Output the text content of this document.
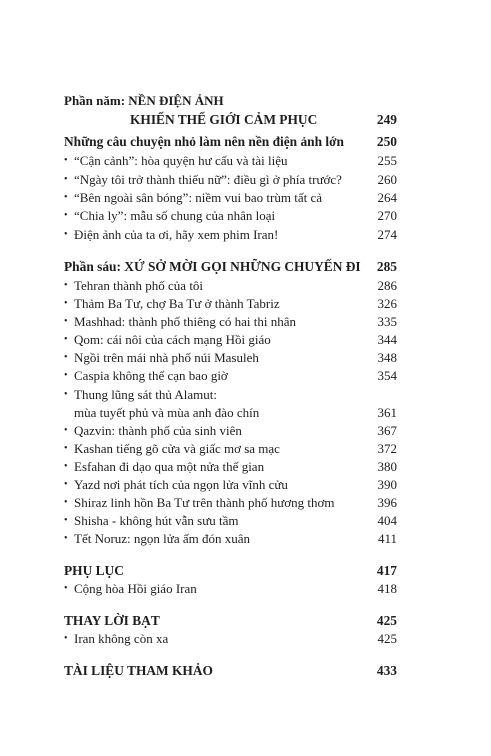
Phần năm: NỀN ĐIỆN ẢNH
KHIẾN THẾ GIỚI CẢM PHỤC	249
Những câu chuyện nhỏ làm nên nền điện ảnh lớn 250
• “Cận cảnh”: hòa quyện hư cấu và tài liệu	255
• “Ngày tôi trở thành thiếu nữ”: điều gì ở phía trước?	260
• “Bên ngoài sân bóng”: niềm vui bao trùm tất cả	264
• “Chia ly”: mẫu số chung của nhân loại	270
• Điện ảnh của ta ơi, hãy xem phim Iran!	274
Phần sáu: XỨ SỞ MỜI GỌI NHỮNG CHUYẾN ĐI 285
• Tehran thành phố của tôi	286
• Thảm Ba Tư, chợ Ba Tư ở thành Tabriz	326
• Mashhad: thành phố thiêng có hai thi nhân	335
• Qom: cái nôi của cách mạng Hồi giáo	344
• Ngồi trên mái nhà phố núi Masuleh	348
• Caspia không thể cạn bao giờ	354
• Thung lũng sát thủ Alamut:
mùa tuyết phủ và mùa anh đào chín	361
• Qazvin: thành phố của sinh viên	367
• Kashan tiếng gõ cửa và giấc mơ sa mạc	372
• Esfahan đi dạo qua một nửa thế gian	380
• Yazd nơi phát tích của ngọn lửa vĩnh cửu	390
• Shiraz linh hồn Ba Tư trên thành phố hương thơm	396
• Shisha - không hút vẫn sưu tầm	404
• Tết Noruz: ngọn lửa ấm đón xuân	411
PHỤ LỤC	417
• Cộng hòa Hồi giáo Iran	418
THAY LỜI BẠT	425
• Iran không còn xa	425
TÀI LIỆU THAM KHẢO	433
